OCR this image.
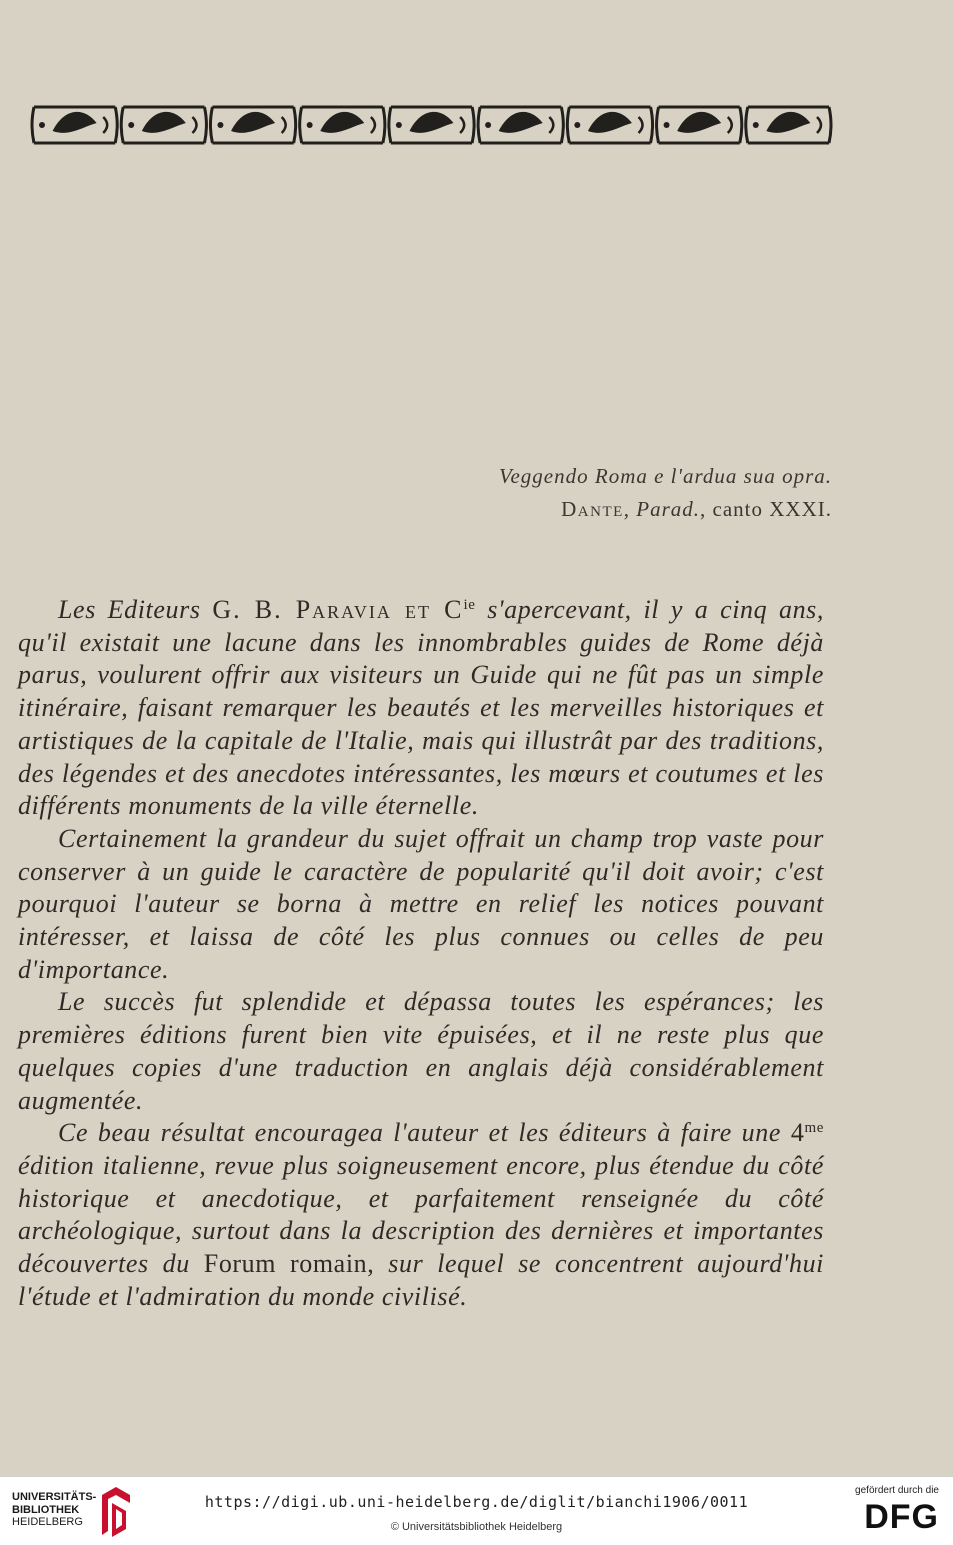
Veggendo Roma e l'ardua sua opra.
Dante, Parad., canto XXXI.

Les Editeurs G. B. Paravia et $C^{ie}$ s'apercevant, il y a cinq ans, qu'il existait une lacune dans les innombrables guides de Rome déjà parus, voulurent offrir aux visiteurs un Guide qui ne fût pas un simple itinéraire, faisant remarquer les beautés et les merveilles historiques et artistiques de la capitale de l'Italie, mais qui illustrât par des traditions, des légendes et des anecdotes intéressantes, les mœurs et coutumes et les différents monuments de la ville éternelle.

Certainement la grandeur du sujet offrait un champ trop vaste pour conserver à un guide le caractère de popularité qu'il doit avoir; c'est pourquoi l'auteur se borna à mettre en relief les notices pouvant intéresser, et laissa de côté les plus connues ou celles de peu d'importance.

Le succès fut splendide et dépassa toutes les espérances; les premières éditions furent bien vite épuisées, et il ne reste plus que quelques copies d'une traduction en anglais déjà considérablement augmentée.

Ce beau résultat encouragea l'auteur et les éditeurs à faire une $4^{me}$ édition italienne, revue plus soigneusement encore, plus étendue du côté historique et anecdotique, et parfaitement renseignée du côté archéologique, surtout dans la description des dernières et importantes découvertes du Forum romain, sur lequel se concentrent aujourd'hui l'étude et l'admiration du monde civilisé.

UNIVERSITÄTS-
BIBLIOTHEK
HEIDELBERG
https://digi.ub.uni-heidelberg.de/diglit/bianchi1906/0011
© Universitätsbibliothek Heidelberg
gefördert durch die
DFG
